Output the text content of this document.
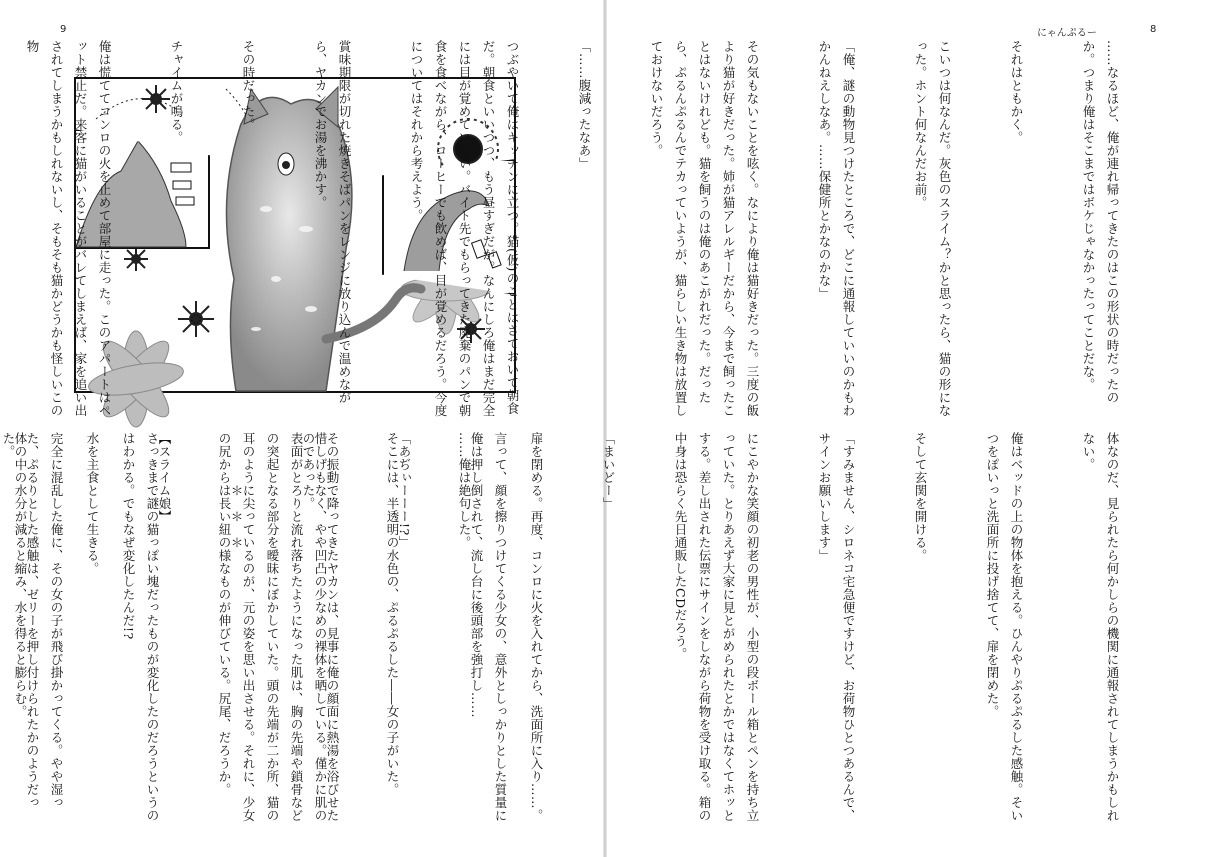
9

言って、顔を擦りつけてくる少女の、意外としっかりとした質量に俺は押し倒されて、流し台に後頭部を強打し……

「あぢぃーーー!?」

その振動で降ってきたヤカンは、見事に俺の顔面に熱湯を浴びせたのであった。

　　　　＊　＊　＊

【スライム娘】

水を主食として生きる。

体の中の水分が減ると縮み、水を得ると膨らむ。

にゃんぷるー	8

……なるほど、俺が連れ帰ってきたのはこの形状の時だったのか。つまり俺はそこまではボケじゃなかったってことだな。

それはともかく。

こいつは何なんだ。灰色のスライム？かと思ったら、猫の形になった。ホント何なんだお前。

「俺、謎の動物見つけたところで、どこに通報していいのかもわかんねえしなあ。……保健所とかなのかな」

その気もないことを呟く。なにより俺は猫好きだった。三度の飯より猫が好きだった。姉が猫アレルギーだから、今まで飼ったことはないけれども。猫を飼うのは俺のあこがれだった。だったら、ぷるんぷるんでテカっていようが、猫らしい生き物は放置しておけないだろう。

「……腹減ったなあ」

つぶやいて俺はキッチンに立つ。猫(仮)のことはさておいて朝食だ。朝食といいつつ、もう昼すぎだが。なんにしろ俺はまだ完全には目が覚めていない。バイト先でもらってきた廃棄のパンで朝食を食べながら、コーヒーでも飲めば、目が覚めるだろう。今度についてはそれから考えよう。

賞味期限が切れた焼きそばパンをレンジに放り込んで温めながら、ヤカンでお湯を沸かす。

その時だった。

チャイムが鳴る。

俺は慌ててコンロの火を止めて部屋に走った。このアパートはペット禁止だ。来客に猫がいることがバレてしまえば、家を追い出されてしまうかもしれないし、そもそも猫かどうかも怪しいこの物

体なのだ、見られたら何かしらの機関に通報されてしまうかもしれない。

俺はベッドの上の物体を抱える。ひんやりぷるぷるした感触。そいつをぽいっと洗面所に投げ捨てて、扉を閉めた。

そして玄関を開ける。

「すみません、シロネコ宅急便ですけど、お荷物ひとつあるんで、サインお願いします」

にこやかな笑顔の初老の男性が、小型の段ボール箱とペンを持ち立っていた。とりあえず大家に見とがめられたとかではなくてホッとする。差し出された伝票にサインをしながら荷物を受け取る。箱の中身は恐らく先日通販したCDだろう。

「まいどー」

扉を閉める。再度、コンロに火を入れてから、洗面所に入り……。

……俺は絶句した。

そこには、半透明の水色の、ぷるぷるした――女の子がいた。

惜しげもなく、やや凹凸の少なめの裸体を晒している。僅かに肌の表面がとろりと流れ落ちたようになった肌は、胸の先端や鎖骨などの突起となる部分を曖昧にぼかしていた。頭の先端が二か所、猫の耳のように尖っているのが、元の姿を思い出させる。それに、少女の尻からは長い紐の様なものが伸びている。尻尾、だろうか。

さっきまで謎の猫っぽい塊だったものが変化したのだろうというのはわかる。でもなぜ変化したんだ!?

完全に混乱した俺に、その女の子が飛び掛かってくる。やや湿った、ぷるりとした感触は、ゼリーを押し付けられたかのようだった。
